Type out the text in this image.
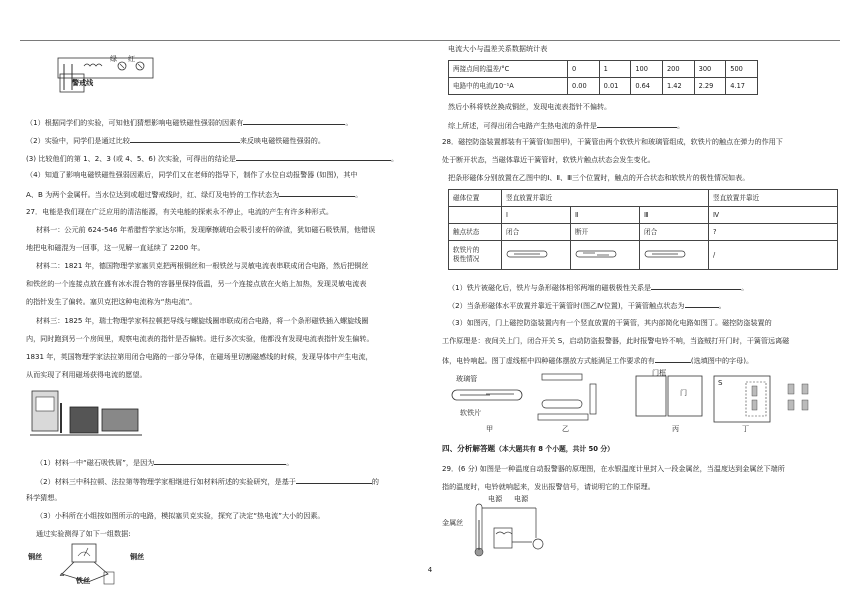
绿 红
警戒线
（1）根据同学们的实验，可知他们猜想影响电磁铁磁性强弱的因素有	。
（2）实验中，同学们是通过比较	来反映电磁铁磁性强弱的。
(3) 比较他们的第 1、2、3 (或 4、5、6) 次实验，可得出的结论是	。
（4）知道了影响电磁铁磁性强弱因素后，同学们又在老师的指导下，制作了水位自动报警器 (如图)，其中
A、B 为两个金属杆。当水位达到或超过警戒线时，红、绿灯及电铃的工作状态为	。
27．电能是我们现在广泛应用的清洁能源，有关电能的探索永不停止，电流的产生有许多种形式。
材料一：公元前 624-546 年希腊哲学家达尔斯，发现摩擦琥珀会吸引麦杆的碎渣，犹如磁石吸铁屑，他错误
地把电和磁混为一回事，这一见解一直延续了 2200 年。
材料二：1821 年，德国物理学家塞贝克把两根铜丝和一根铁丝与灵敏电流表串联成闭合电路，然后把铜丝
和铁丝的一个连接点放在盛有冰水混合物的容器里保持低温，另一个连接点放在火焰上加热，发现灵敏电流表
的指针发生了偏转。塞贝克把这种电流称为“热电流”。
材料三：1825 年，瑞士物理学家科拉顿把导线与螺旋线圈串联成闭合电路，将一个条形磁铁插入螺旋线圈
内，同时跑到另一个房间里，观察电流表的指针是否偏转。进行多次实验，他都没有发现电流表指针发生偏转。
1831 年，英国物理学家法拉第用闭合电路的一部分导体，在磁场里切割磁感线的时候，发现导体中产生电流，
从而实现了利用磁场获得电流的愿望。
（1）材料一中“磁石吸铁屑”，是因为	。
（2）材料三中科拉顿、法拉第等物理学家相继进行如材料所述的实验研究，是基于	的
科学猜想。
（3）小科所在小组按如图所示的电路，模拟塞贝克实验，探究了决定“热电流”大小的因素。
通过实验测得了如下一组数据:
铜丝	铜丝
铁丝
电流大小与温差关系数据统计表
两接点间的温差/°C	0	1	100	200	300	500
电路中的电流/10⁻¹A	0.00	0.01	0.64	1.42	2.29	4.17
然后小科将铁丝换成铜丝，发现电流表指针不偏转。
综上所述，可得出闭合电路产生热电流的条件是	。
28．磁控防盗装置都装有干簧管(如图甲)，干簧管由两个软铁片和玻璃管组成，软铁片的触点在弹力的作用下
处于断开状态，当磁体靠近干簧管时，软铁片触点状态会发生变化。
把条形磁体分别放置在乙图中的Ⅰ、Ⅱ、Ⅲ三个位置时，触点的开合状态和软铁片的极性情况如表。
磁体位置	竖直放置并靠近			竖直放置并靠近
	Ⅰ	Ⅱ	Ⅲ	Ⅳ
触点状态	闭合	断开	闭合	?
软铁片的
极性情况				/
（1）铁片被磁化后，铁片与条形磁体相邻两端的磁极极性关系是	。
（2）当条形磁体水平放置并靠近干簧管时(图乙Ⅳ位置)，干簧管触点状态为	。
（3）如图丙，门上磁控防盗装置内有一个竖直放置的干簧管，其内部简化电路如图丁。磁控防盗装置的
工作原理是：夜间关上门，闭合开关 S，启动防盗报警器，此时报警电铃不响，当盗贼打开门时，干簧管远离磁
体，电铃响起。图丁虚线框中四种磁体摆放方式能满足工作要求的有	(选填图中的字母)。
甲	乙	丙	丁
门框
门
玻璃管
软铁片
S
四、分析解答题（本大题共有 8 个小题，共计 50 分）
29．(6 分) 如图是一种温度自动报警器的原理图，在水银温度计里封入一段金属丝，当温度达到金属丝下端所
指的温度时，电铃就响起来，发出报警信号，请说明它的工作原理。
金属丝
电源 电源
4
